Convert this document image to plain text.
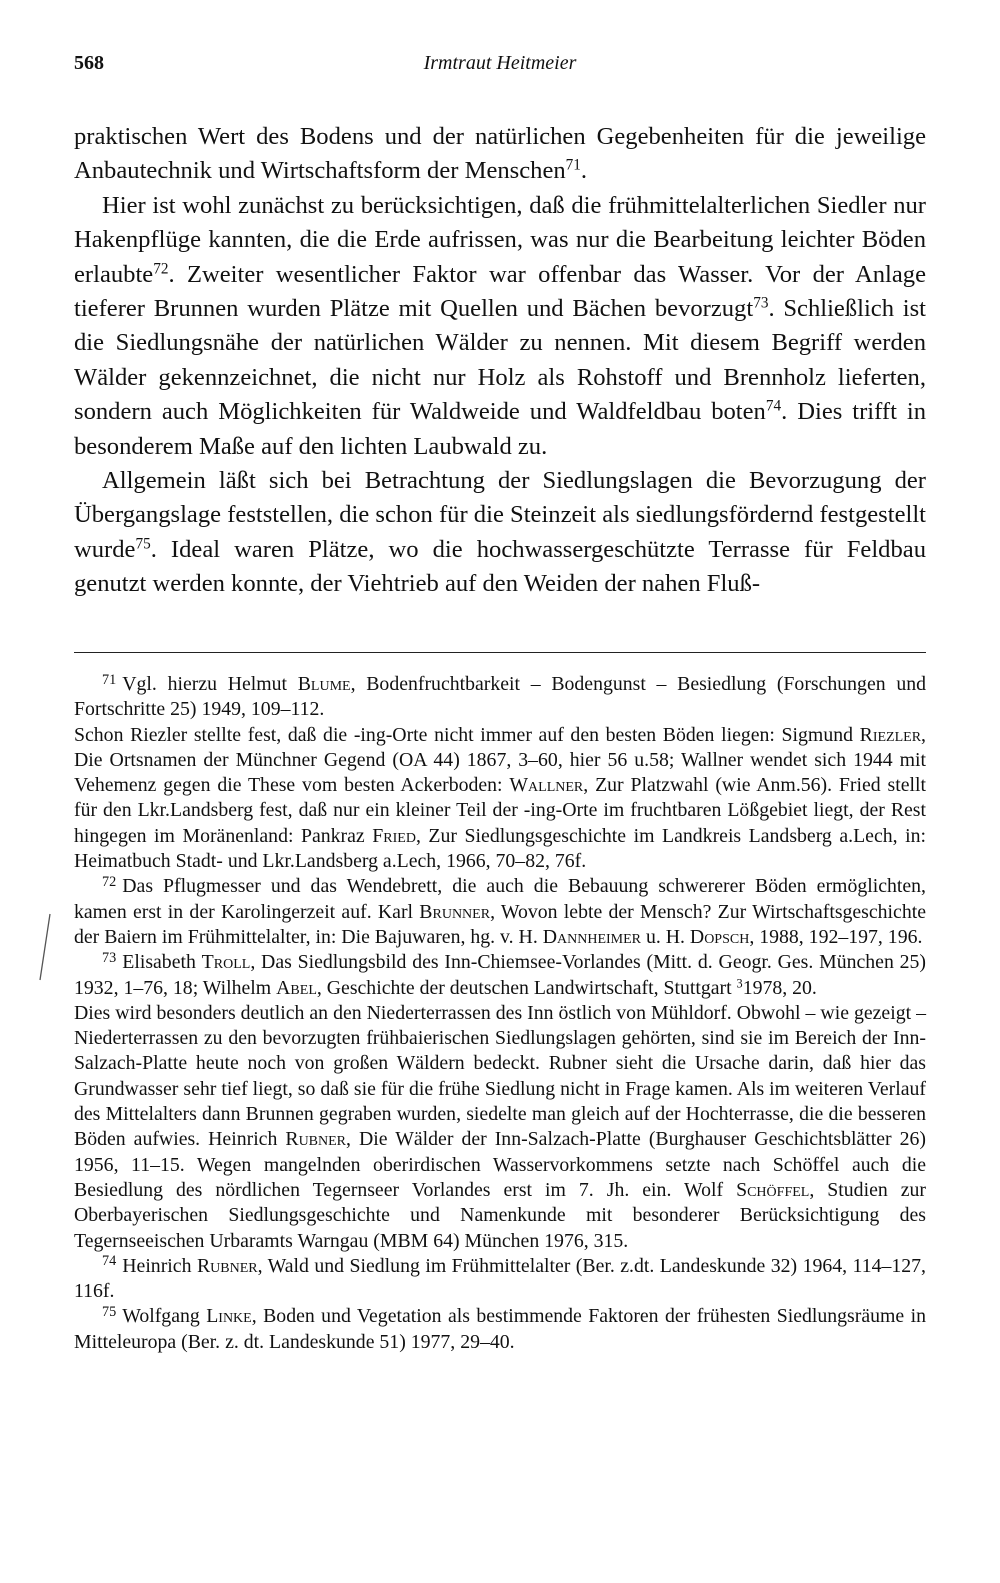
568	Irmtraut Heitmeier

praktischen Wert des Bodens und der natürlichen Gegebenheiten für die jeweilige Anbautechnik und Wirtschaftsform der Menschen$^{71}$.

Hier ist wohl zunächst zu berücksichtigen, daß die frühmittelalterlichen Siedler nur Hakenpflüge kannten, die die Erde aufrissen, was nur die Bearbeitung leichter Böden erlaubte$^{72}$. Zweiter wesentlicher Faktor war offenbar das Wasser. Vor der Anlage tieferer Brunnen wurden Plätze mit Quellen und Bächen bevorzugt$^{73}$. Schließlich ist die Siedlungsnähe der natürlichen Wälder zu nennen. Mit diesem Begriff werden Wälder gekennzeichnet, die nicht nur Holz als Rohstoff und Brennholz lieferten, sondern auch Möglichkeiten für Waldweide und Waldfeldbau boten$^{74}$. Dies trifft in besonderem Maße auf den lichten Laubwald zu.

Allgemein läßt sich bei Betrachtung der Siedlungslagen die Bevorzugung der Übergangslage feststellen, die schon für die Steinzeit als siedlungsfördernd festgestellt wurde$^{75}$. Ideal waren Plätze, wo die hochwassergeschützte Terrasse für Feldbau genutzt werden konnte, der Viehtrieb auf den Weiden der nahen Fluß-

$^{71}$ Vgl. hierzu Helmut Blume, Bodenfruchtbarkeit – Bodengunst – Besiedlung (Forschungen und Fortschritte 25) 1949, 109–112.

Schon Riezler stellte fest, daß die -ing-Orte nicht immer auf den besten Böden liegen: Sigmund Riezler, Die Ortsnamen der Münchner Gegend (OA 44) 1867, 3–60, hier 56 u.58; Wallner wendet sich 1944 mit Vehemenz gegen die These vom besten Ackerboden: Wallner, Zur Platzwahl (wie Anm.56). Fried stellt für den Lkr.Landsberg fest, daß nur ein kleiner Teil der -ing-Orte im fruchtbaren Lößgebiet liegt, der Rest hingegen im Moränenland: Pankraz Fried, Zur Siedlungsgeschichte im Landkreis Landsberg a.Lech, in: Heimatbuch Stadt- und Lkr.Landsberg a.Lech, 1966, 70–82, 76f.

$^{72}$ Das Pflugmesser und das Wendebrett, die auch die Bebauung schwererer Böden ermöglichten, kamen erst in der Karolingerzeit auf. Karl Brunner, Wovon lebte der Mensch? Zur Wirtschaftsgeschichte der Baiern im Frühmittelalter, in: Die Bajuwaren, hg. v. H. Dannheimer u. H. Dopsch, 1988, 192–197, 196.

$^{73}$ Elisabeth Troll, Das Siedlungsbild des Inn-Chiemsee-Vorlandes (Mitt. d. Geogr. Ges. München 25) 1932, 1–76, 18; Wilhelm Abel, Geschichte der deutschen Landwirtschaft, Stuttgart $^3$1978, 20.

Dies wird besonders deutlich an den Niederterrassen des Inn östlich von Mühldorf. Obwohl – wie gezeigt – Niederterrassen zu den bevorzugten frühbaierischen Siedlungslagen gehörten, sind sie im Bereich der Inn-Salzach-Platte heute noch von großen Wäldern bedeckt. Rubner sieht die Ursache darin, daß hier das Grundwasser sehr tief liegt, so daß sie für die frühe Siedlung nicht in Frage kamen. Als im weiteren Verlauf des Mittelalters dann Brunnen gegraben wurden, siedelte man gleich auf der Hochterrasse, die die besseren Böden aufwies. Heinrich Rubner, Die Wälder der Inn-Salzach-Platte (Burghauser Geschichtsblätter 26) 1956, 11–15. Wegen mangelnden oberirdischen Wasservorkommens setzte nach Schöffel auch die Besiedlung des nördlichen Tegernseer Vorlandes erst im 7. Jh. ein. Wolf Schöffel, Studien zur Oberbayerischen Siedlungsgeschichte und Namenkunde mit besonderer Berücksichtigung des Tegernseeischen Urbaramts Warngau (MBM 64) München 1976, 315.

$^{74}$ Heinrich Rubner, Wald und Siedlung im Frühmittelalter (Ber. z.dt. Landeskunde 32) 1964, 114–127, 116f.

$^{75}$ Wolfgang Linke, Boden und Vegetation als bestimmende Faktoren der frühesten Siedlungsräume in Mitteleuropa (Ber. z. dt. Landeskunde 51) 1977, 29–40.
